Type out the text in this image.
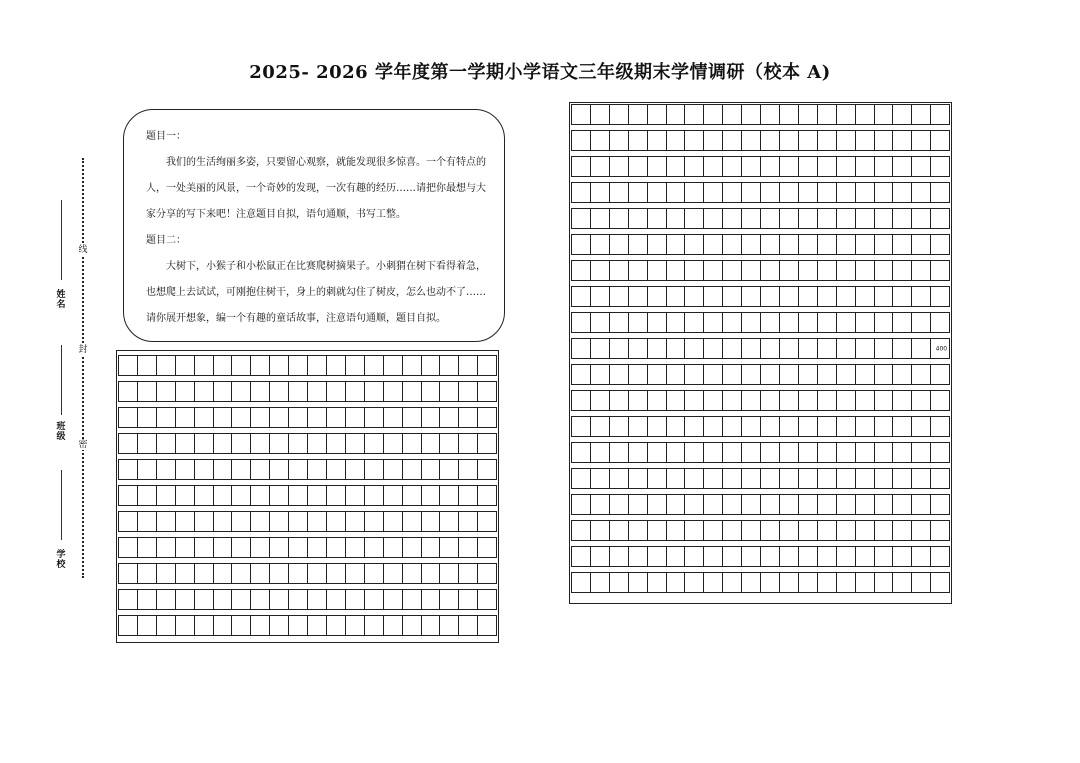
2025- 2026 学年度第一学期小学语文三年级期末学情调研（校本 A)
线
封
密
姓名
班级
学校

题目一：

我们的生活绚丽多姿，只要留心观察，就能发现很多惊喜。一个有特点的人，一处美丽的风景，一个奇妙的发现，一次有趣的经历……请把你最想与大家分享的写下来吧！注意题目自拟，语句通顺，书写工整。

题目二：

大树下，小猴子和小松鼠正在比赛爬树摘果子。小刺猬在树下看得着急，也想爬上去试试，可刚抱住树干，身上的刺就勾住了树皮，怎么也动不了……请你展开想象，编一个有趣的童话故事，注意语句通顺，题目自拟。

400
